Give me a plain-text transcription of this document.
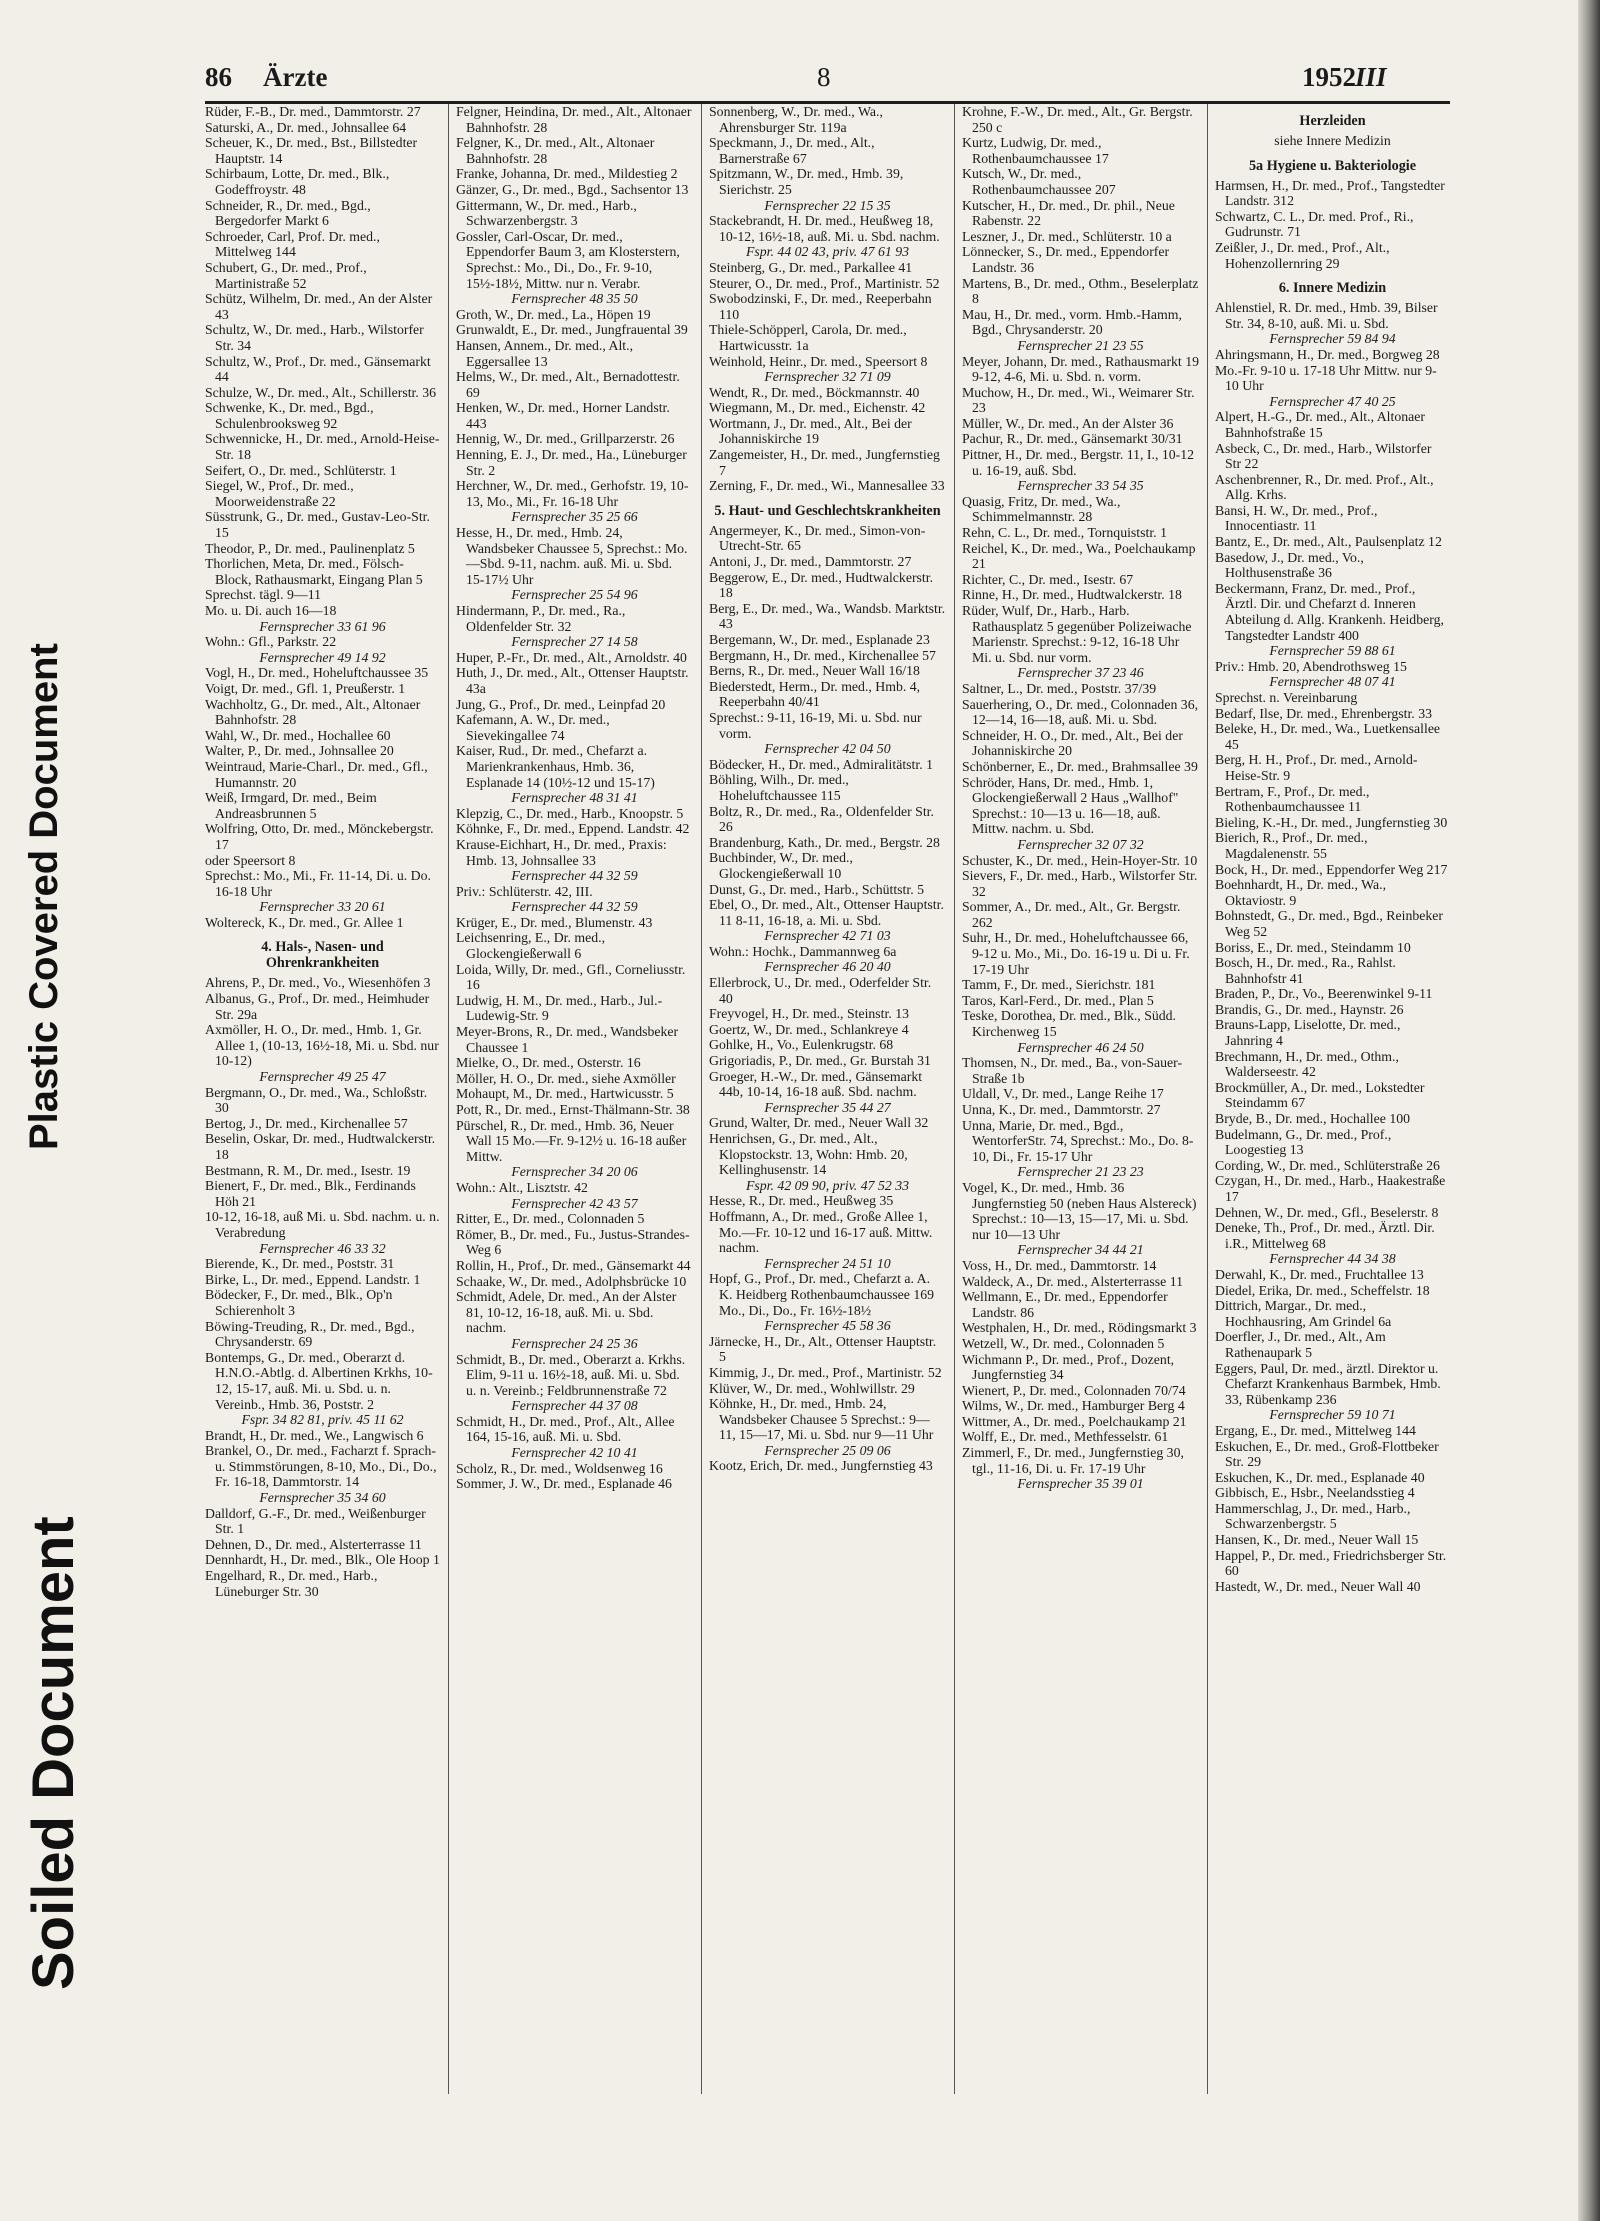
Plastic Covered Document
Soiled Document
86 Ärzte	8	1952 III

Rüder, F.-B., Dr. med., Dammtorstr. 27

Saturski, A., Dr. med., Johnsallee 64

Scheuer, K., Dr. med., Bst., Billstedter Hauptstr. 14

Schirbaum, Lotte, Dr. med., Blk., Godeffroystr. 48

Schneider, R., Dr. med., Bgd., Bergedorfer Markt 6

Schroeder, Carl, Prof. Dr. med., Mittelweg 144

Schubert, G., Dr. med., Prof., Martinistraße 52

Schütz, Wilhelm, Dr. med., An der Alster 43

Schultz, W., Dr. med., Harb., Wilstorfer Str. 34

Schultz, W., Prof., Dr. med., Gänsemarkt 44

Schulze, W., Dr. med., Alt., Schillerstr. 36

Schwenke, K., Dr. med., Bgd., Schulenbrooksweg 92

Schwennicke, H., Dr. med., Arnold-Heise-Str. 18

Seifert, O., Dr. med., Schlüterstr. 1

Siegel, W., Prof., Dr. med., Moorweidenstraße 22

Süsstrunk, G., Dr. med., Gustav-Leo-Str. 15

Theodor, P., Dr. med., Paulinenplatz 5

Thorlichen, Meta, Dr. med., Fölsch-Block, Rathausmarkt, Eingang Plan 5

Sprechst. tägl. 9—11

Mo. u. Di. auch 16—18

Fernsprecher 33 61 96

Wohn.: Gfl., Parkstr. 22

Fernsprecher 49 14 92

Vogl, H., Dr. med., Hoheluftchaussee 35

Voigt, Dr. med., Gfl. 1, Preußerstr. 1

Wachholtz, G., Dr. med., Alt., Altonaer Bahnhofstr. 28

Wahl, W., Dr. med., Hochallee 60

Walter, P., Dr. med., Johnsallee 20

Weintraud, Marie-Charl., Dr. med., Gfl., Humannstr. 20

Weiß, Irmgard, Dr. med., Beim Andreasbrunnen 5

Wolfring, Otto, Dr. med., Mönckebergstr. 17

oder Speersort 8

Sprechst.: Mo., Mi., Fr. 11-14, Di. u. Do. 16-18 Uhr

Fernsprecher 33 20 61

Woltereck, K., Dr. med., Gr. Allee 1

4. Hals-, Nasen- und Ohrenkrankheiten

Ahrens, P., Dr. med., Vo., Wiesenhöfen 3

Albanus, G., Prof., Dr. med., Heimhuder Str. 29a

Axmöller, H. O., Dr. med., Hmb. 1, Gr. Allee 1, (10-13, 16½-18, Mi. u. Sbd. nur 10-12)

Fernsprecher 49 25 47

Bergmann, O., Dr. med., Wa., Schloßstr. 30

Bertog, J., Dr. med., Kirchenallee 57

Beselin, Oskar, Dr. med., Hudtwalckerstr. 18

Bestmann, R. M., Dr. med., Isestr. 19

Bienert, F., Dr. med., Blk., Ferdinands Höh 21

10-12, 16-18, auß Mi. u. Sbd. nachm. u. n. Verabredung

Fernsprecher 46 33 32

Bierende, K., Dr. med., Poststr. 31

Birke, L., Dr. med., Eppend. Landstr. 1

Bödecker, F., Dr. med., Blk., Op'n Schierenholt 3

Böwing-Treuding, R., Dr. med., Bgd., Chrysanderstr. 69

Bontemps, G., Dr. med., Oberarzt d. H.N.O.-Abtlg. d. Albertinen Krkhs, 10-12, 15-17, auß. Mi. u. Sbd. u. n. Vereinb., Hmb. 36, Poststr. 2

Fspr. 34 82 81, priv. 45 11 62

Brandt, H., Dr. med., We., Langwisch 6

Brankel, O., Dr. med., Facharzt f. Sprach- u. Stimmstörungen, 8-10, Mo., Di., Do., Fr. 16-18, Dammtorstr. 14

Fernsprecher 35 34 60

Dalldorf, G.-F., Dr. med., Weißenburger Str. 1

Dehnen, D., Dr. med., Alsterterrasse 11

Dennhardt, H., Dr. med., Blk., Ole Hoop 1

Engelhard, R., Dr. med., Harb., Lüneburger Str. 30

Felgner, Heindina, Dr. med., Alt., Altonaer Bahnhofstr. 28

Felgner, K., Dr. med., Alt., Altonaer Bahnhofstr. 28

Franke, Johanna, Dr. med., Mildestieg 2

Gänzer, G., Dr. med., Bgd., Sachsentor 13

Gittermann, W., Dr. med., Harb., Schwarzenbergstr. 3

Gossler, Carl-Oscar, Dr. med., Eppendorfer Baum 3, am Klosterstern, Sprechst.: Mo., Di., Do., Fr. 9-10, 15½-18½, Mittw. nur n. Verabr.

Fernsprecher 48 35 50

Groth, W., Dr. med., La., Höpen 19

Grunwaldt, E., Dr. med., Jungfrauental 39

Hansen, Annem., Dr. med., Alt., Eggersallee 13

Helms, W., Dr. med., Alt., Bernadottestr. 69

Henken, W., Dr. med., Horner Landstr. 443

Hennig, W., Dr. med., Grillparzerstr. 26

Henning, E. J., Dr. med., Ha., Lüneburger Str. 2

Herchner, W., Dr. med., Gerhofstr. 19, 10-13, Mo., Mi., Fr. 16-18 Uhr

Fernsprecher 35 25 66

Hesse, H., Dr. med., Hmb. 24, Wandsbeker Chaussee 5, Sprechst.: Mo.—Sbd. 9-11, nachm. auß. Mi. u. Sbd. 15-17½ Uhr

Fernsprecher 25 54 96

Hindermann, P., Dr. med., Ra., Oldenfelder Str. 32

Fernsprecher 27 14 58

Huper, P.-Fr., Dr. med., Alt., Arnoldstr. 40

Huth, J., Dr. med., Alt., Ottenser Hauptstr. 43a

Jung, G., Prof., Dr. med., Leinpfad 20

Kafemann, A. W., Dr. med., Sievekingallee 74

Kaiser, Rud., Dr. med., Chefarzt a. Marienkrankenhaus, Hmb. 36, Esplanade 14 (10½-12 und 15-17)

Fernsprecher 48 31 41

Klepzig, C., Dr. med., Harb., Knoopstr. 5

Köhnke, F., Dr. med., Eppend. Landstr. 42

Krause-Eichhart, H., Dr. med., Praxis: Hmb. 13, Johnsallee 33

Fernsprecher 44 32 59

Priv.: Schlüterstr. 42, III.

Fernsprecher 44 32 59

Krüger, E., Dr. med., Blumenstr. 43

Leichsenring, E., Dr. med., Glockengießerwall 6

Loida, Willy, Dr. med., Gfl., Corneliusstr. 16

Ludwig, H. M., Dr. med., Harb., Jul.-Ludewig-Str. 9

Meyer-Brons, R., Dr. med., Wandsbeker Chaussee 1

Mielke, O., Dr. med., Osterstr. 16

Möller, H. O., Dr. med., siehe Axmöller

Mohaupt, M., Dr. med., Hartwicusstr. 5

Pott, R., Dr. med., Ernst-Thälmann-Str. 38

Pürschel, R., Dr. med., Hmb. 36, Neuer Wall 15 Mo.—Fr. 9-12½ u. 16-18 außer Mittw.

Fernsprecher 34 20 06

Wohn.: Alt., Lisztstr. 42

Fernsprecher 42 43 57

Ritter, E., Dr. med., Colonnaden 5

Römer, B., Dr. med., Fu., Justus-Strandes-Weg 6

Rollin, H., Prof., Dr. med., Gänsemarkt 44

Schaake, W., Dr. med., Adolphsbrücke 10

Schmidt, Adele, Dr. med., An der Alster 81, 10-12, 16-18, auß. Mi. u. Sbd. nachm.

Fernsprecher 24 25 36

Schmidt, B., Dr. med., Oberarzt a. Krkhs. Elim, 9-11 u. 16½-18, auß. Mi. u. Sbd. u. n. Vereinb.; Feldbrunnenstraße 72

Fernsprecher 44 37 08

Schmidt, H., Dr. med., Prof., Alt., Allee 164, 15-16, auß. Mi. u. Sbd.

Fernsprecher 42 10 41

Scholz, R., Dr. med., Woldsenweg 16

Sommer, J. W., Dr. med., Esplanade 46

Sonnenberg, W., Dr. med., Wa., Ahrensburger Str. 119a

Speckmann, J., Dr. med., Alt., Barnerstraße 67

Spitzmann, W., Dr. med., Hmb. 39, Sierichstr. 25

Fernsprecher 22 15 35

Stackebrandt, H. Dr. med., Heußweg 18, 10-12, 16½-18, auß. Mi. u. Sbd. nachm.

Fspr. 44 02 43, priv. 47 61 93

Steinberg, G., Dr. med., Parkallee 41

Steurer, O., Dr. med., Prof., Martinistr. 52

Swobodzinski, F., Dr. med., Reeperbahn 110

Thiele-Schöpperl, Carola, Dr. med., Hartwicusstr. 1a

Weinhold, Heinr., Dr. med., Speersort 8

Fernsprecher 32 71 09

Wendt, R., Dr. med., Böckmannstr. 40

Wiegmann, M., Dr. med., Eichenstr. 42

Wortmann, J., Dr. med., Alt., Bei der Johanniskirche 19

Zangemeister, H., Dr. med., Jungfernstieg 7

Zerning, F., Dr. med., Wi., Mannesallee 33

5. Haut- und Geschlechtskrankheiten

Angermeyer, K., Dr. med., Simon-von-Utrecht-Str. 65

Antoni, J., Dr. med., Dammtorstr. 27

Beggerow, E., Dr. med., Hudtwalckerstr. 18

Berg, E., Dr. med., Wa., Wandsb. Marktstr. 43

Bergemann, W., Dr. med., Esplanade 23

Bergmann, H., Dr. med., Kirchenallee 57

Berns, R., Dr. med., Neuer Wall 16/18

Biederstedt, Herm., Dr. med., Hmb. 4, Reeperbahn 40/41

Sprechst.: 9-11, 16-19, Mi. u. Sbd. nur vorm.

Fernsprecher 42 04 50

Bödecker, H., Dr. med., Admiralitätstr. 1

Böhling, Wilh., Dr. med., Hoheluftchaussee 115

Boltz, R., Dr. med., Ra., Oldenfelder Str. 26

Brandenburg, Kath., Dr. med., Bergstr. 28

Buchbinder, W., Dr. med., Glockengießerwall 10

Dunst, G., Dr. med., Harb., Schüttstr. 5

Ebel, O., Dr. med., Alt., Ottenser Hauptstr. 11 8-11, 16-18, a. Mi. u. Sbd.

Fernsprecher 42 71 03

Wohn.: Hochk., Dammannweg 6a

Fernsprecher 46 20 40

Ellerbrock, U., Dr. med., Oderfelder Str. 40

Freyvogel, H., Dr. med., Steinstr. 13

Goertz, W., Dr. med., Schlankreye 4

Gohlke, H., Vo., Eulenkrugstr. 68

Grigoriadis, P., Dr. med., Gr. Burstah 31

Groeger, H.-W., Dr. med., Gänsemarkt 44b, 10-14, 16-18 auß. Sbd. nachm.

Fernsprecher 35 44 27

Grund, Walter, Dr. med., Neuer Wall 32

Henrichsen, G., Dr. med., Alt., Klopstockstr. 13, Wohn: Hmb. 20, Kellinghusenstr. 14

Fspr. 42 09 90, priv. 47 52 33

Hesse, R., Dr. med., Heußweg 35

Hoffmann, A., Dr. med., Große Allee 1, Mo.—Fr. 10-12 und 16-17 auß. Mittw. nachm.

Fernsprecher 24 51 10

Hopf, G., Prof., Dr. med., Chefarzt a. A. K. Heidberg Rothenbaumchaussee 169 Mo., Di., Do., Fr. 16½-18½

Fernsprecher 45 58 36

Järnecke, H., Dr., Alt., Ottenser Hauptstr. 5

Kimmig, J., Dr. med., Prof., Martinistr. 52

Klüver, W., Dr. med., Wohlwillstr. 29

Köhnke, H., Dr. med., Hmb. 24, Wandsbeker Chausee 5 Sprechst.: 9—11, 15—17, Mi. u. Sbd. nur 9—11 Uhr

Fernsprecher 25 09 06

Kootz, Erich, Dr. med., Jungfernstieg 43

Krohne, F.-W., Dr. med., Alt., Gr. Bergstr. 250 c

Kurtz, Ludwig, Dr. med., Rothenbaumchaussee 17

Kutsch, W., Dr. med., Rothenbaumchaussee 207

Kutscher, H., Dr. med., Dr. phil., Neue Rabenstr. 22

Leszner, J., Dr. med., Schlüterstr. 10 a

Lönnecker, S., Dr. med., Eppendorfer Landstr. 36

Martens, B., Dr. med., Othm., Beselerplatz 8

Mau, H., Dr. med., vorm. Hmb.-Hamm, Bgd., Chrysanderstr. 20

Fernsprecher 21 23 55

Meyer, Johann, Dr. med., Rathausmarkt 19 9-12, 4-6, Mi. u. Sbd. n. vorm.

Muchow, H., Dr. med., Wi., Weimarer Str. 23

Müller, W., Dr. med., An der Alster 36

Pachur, R., Dr. med., Gänsemarkt 30/31

Pittner, H., Dr. med., Bergstr. 11, I., 10-12 u. 16-19, auß. Sbd.

Fernsprecher 33 54 35

Quasig, Fritz, Dr. med., Wa., Schimmelmannstr. 28

Rehn, C. L., Dr. med., Tornquiststr. 1

Reichel, K., Dr. med., Wa., Poelchaukamp 21

Richter, C., Dr. med., Isestr. 67

Rinne, H., Dr. med., Hudtwalckerstr. 18

Rüder, Wulf, Dr., Harb., Harb. Rathausplatz 5 gegenüber Polizeiwache Marienstr. Sprechst.: 9-12, 16-18 Uhr Mi. u. Sbd. nur vorm.

Fernsprecher 37 23 46

Saltner, L., Dr. med., Poststr. 37/39

Sauerhering, O., Dr. med., Colonnaden 36, 12—14, 16—18, auß. Mi. u. Sbd.

Schneider, H. O., Dr. med., Alt., Bei der Johanniskirche 20

Schönberner, E., Dr. med., Brahmsallee 39

Schröder, Hans, Dr. med., Hmb. 1, Glockengießerwall 2 Haus „Wallhof" Sprechst.: 10—13 u. 16—18, auß. Mittw. nachm. u. Sbd.

Fernsprecher 32 07 32

Schuster, K., Dr. med., Hein-Hoyer-Str. 10

Sievers, F., Dr. med., Harb., Wilstorfer Str. 32

Sommer, A., Dr. med., Alt., Gr. Bergstr. 262

Suhr, H., Dr. med., Hoheluftchaussee 66, 9-12 u. Mo., Mi., Do. 16-19 u. Di u. Fr. 17-19 Uhr

Tamm, F., Dr. med., Sierichstr. 181

Taros, Karl-Ferd., Dr. med., Plan 5

Teske, Dorothea, Dr. med., Blk., Südd. Kirchenweg 15

Fernsprecher 46 24 50

Thomsen, N., Dr. med., Ba., von-Sauer-Straße 1b

Uldall, V., Dr. med., Lange Reihe 17

Unna, K., Dr. med., Dammtorstr. 27

Unna, Marie, Dr. med., Bgd., WentorferStr. 74, Sprechst.: Mo., Do. 8-10, Di., Fr. 15-17 Uhr

Fernsprecher 21 23 23

Vogel, K., Dr. med., Hmb. 36 Jungfernstieg 50 (neben Haus Alstereck) Sprechst.: 10—13, 15—17, Mi. u. Sbd. nur 10—13 Uhr

Fernsprecher 34 44 21

Voss, H., Dr. med., Dammtorstr. 14

Waldeck, A., Dr. med., Alsterterrasse 11

Wellmann, E., Dr. med., Eppendorfer Landstr. 86

Westphalen, H., Dr. med., Rödingsmarkt 3

Wetzell, W., Dr. med., Colonnaden 5

Wichmann P., Dr. med., Prof., Dozent, Jungfernstieg 34

Wienert, P., Dr. med., Colonnaden 70/74

Wilms, W., Dr. med., Hamburger Berg 4

Wittmer, A., Dr. med., Poelchaukamp 21

Wolff, E., Dr. med., Methfesselstr. 61

Zimmerl, F., Dr. med., Jungfernstieg 30, tgl., 11-16, Di. u. Fr. 17-19 Uhr

Fernsprecher 35 39 01

Herzleiden

siehe Innere Medizin

5a Hygiene u. Bakteriologie

Harmsen, H., Dr. med., Prof., Tangstedter Landstr. 312

Schwartz, C. L., Dr. med. Prof., Ri., Gudrunstr. 71

Zeißler, J., Dr. med., Prof., Alt., Hohenzollernring 29

6. Innere Medizin

Ahlenstiel, R. Dr. med., Hmb. 39, Bilser Str. 34, 8-10, auß. Mi. u. Sbd.

Fernsprecher 59 84 94

Ahringsmann, H., Dr. med., Borgweg 28

Mo.-Fr. 9-10 u. 17-18 Uhr Mittw. nur 9-10 Uhr

Fernsprecher 47 40 25

Alpert, H.-G., Dr. med., Alt., Altonaer Bahnhofstraße 15

Asbeck, C., Dr. med., Harb., Wilstorfer Str 22

Aschenbrenner, R., Dr. med. Prof., Alt., Allg. Krhs.

Bansi, H. W., Dr. med., Prof., Innocentiastr. 11

Bantz, E., Dr. med., Alt., Paulsenplatz 12

Basedow, J., Dr. med., Vo., Holthusenstraße 36

Beckermann, Franz, Dr. med., Prof., Ärztl. Dir. und Chefarzt d. Inneren Abteilung d. Allg. Krankenh. Heidberg, Tangstedter Landstr 400

Fernsprecher 59 88 61

Priv.: Hmb. 20, Abendrothsweg 15

Fernsprecher 48 07 41

Sprechst. n. Vereinbarung

Bedarf, Ilse, Dr. med., Ehrenbergstr. 33

Beleke, H., Dr. med., Wa., Luetkensallee 45

Berg, H. H., Prof., Dr. med., Arnold-Heise-Str. 9

Bertram, F., Prof., Dr. med., Rothenbaumchaussee 11

Bieling, K.-H., Dr. med., Jungfernstieg 30

Bierich, R., Prof., Dr. med., Magdalenenstr. 55

Bock, H., Dr. med., Eppendorfer Weg 217

Boehnhardt, H., Dr. med., Wa., Oktaviostr. 9

Bohnstedt, G., Dr. med., Bgd., Reinbeker Weg 52

Boriss, E., Dr. med., Steindamm 10

Bosch, H., Dr. med., Ra., Rahlst. Bahnhofstr 41

Braden, P., Dr., Vo., Beerenwinkel 9-11

Brandis, G., Dr. med., Haynstr. 26

Brauns-Lapp, Liselotte, Dr. med., Jahnring 4

Brechmann, H., Dr. med., Othm., Walderseestr. 42

Brockmüller, A., Dr. med., Lokstedter Steindamm 67

Bryde, B., Dr. med., Hochallee 100

Budelmann, G., Dr. med., Prof., Loogestieg 13

Cording, W., Dr. med., Schlüterstraße 26

Czygan, H., Dr. med., Harb., Haakestraße 17

Dehnen, W., Dr. med., Gfl., Beselerstr. 8

Deneke, Th., Prof., Dr. med., Ärztl. Dir. i.R., Mittelweg 68

Fernsprecher 44 34 38

Derwahl, K., Dr. med., Fruchtallee 13

Diedel, Erika, Dr. med., Scheffelstr. 18

Dittrich, Margar., Dr. med., Hochhausring, Am Grindel 6a

Doerfler, J., Dr. med., Alt., Am Rathenaupark 5

Eggers, Paul, Dr. med., ärztl. Direktor u. Chefarzt Krankenhaus Barmbek, Hmb. 33, Rübenkamp 236

Fernsprecher 59 10 71

Ergang, E., Dr. med., Mittelweg 144

Eskuchen, E., Dr. med., Groß-Flottbeker Str. 29

Eskuchen, K., Dr. med., Esplanade 40

Gibbisch, E., Hsbr., Neelandsstieg 4

Hammerschlag, J., Dr. med., Harb., Schwarzenbergstr. 5

Hansen, K., Dr. med., Neuer Wall 15

Happel, P., Dr. med., Friedrichsberger Str. 60

Hastedt, W., Dr. med., Neuer Wall 40
